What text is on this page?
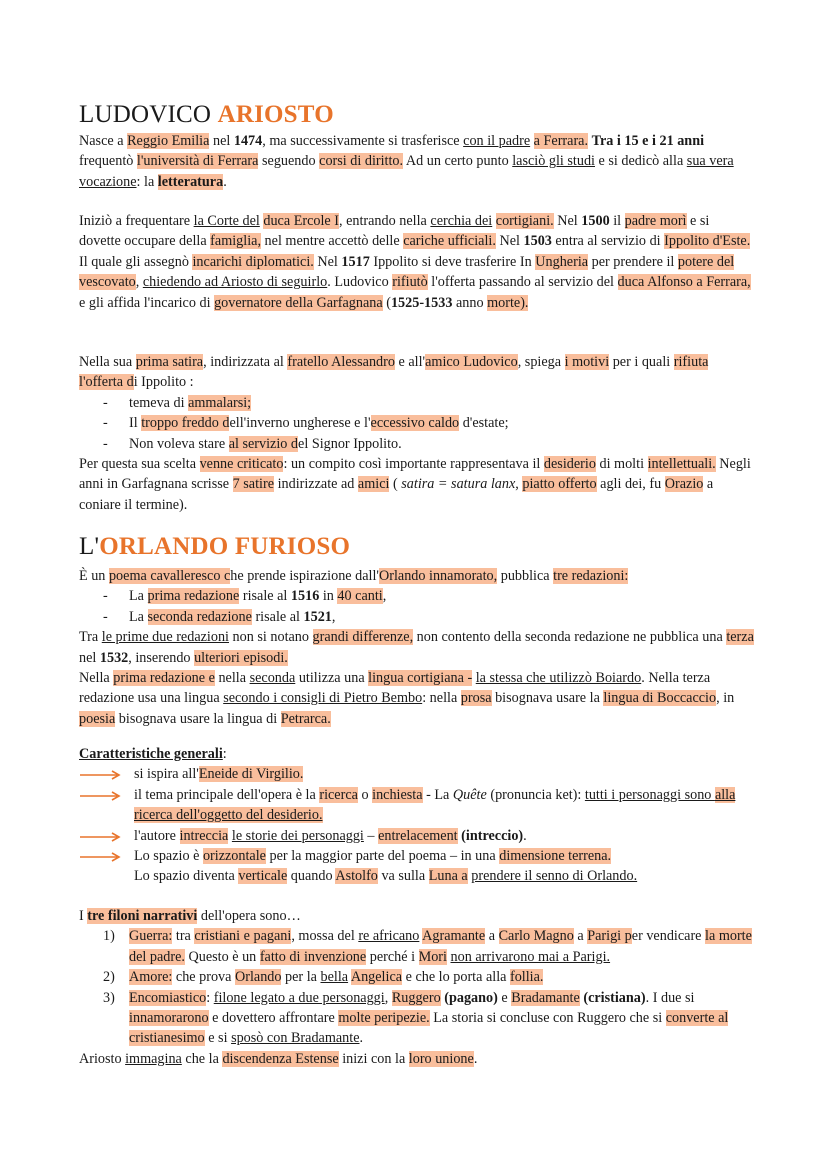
LUDOVICO ARIOSTO
Nasce a Reggio Emilia nel 1474, ma successivamente si trasferisce con il padre a Ferrara. Tra i 15 e i 21 anni frequentò l'università di Ferrara seguendo corsi di diritto. Ad un certo punto lasciò gli studi e si dedicò alla sua vera vocazione: la letteratura.
Iniziò a frequentare la Corte del duca Ercole I, entrando nella cerchia dei cortigiani. Nel 1500 il padre morì e si dovette occupare della famiglia, nel mentre accettò delle cariche ufficiali. Nel 1503 entra al servizio di Ippolito d'Este. Il quale gli assegnò incarichi diplomatici. Nel 1517 Ippolito si deve trasferire In Ungheria per prendere il potere del vescovato, chiedendo ad Ariosto di seguirlo. Ludovico rifiutò l'offerta passando al servizio del duca Alfonso a Ferrara, e gli affida l'incarico di governatore della Garfagnana (1525-1533 anno morte).

Nella sua prima satira, indirizzata al fratello Alessandro e all'amico Ludovico, spiega i motivi per i quali rifiuta l'offerta di Ippolito :

-	temeva di ammalarsi;
-	Il troppo freddo dell'inverno ungherese e l'eccessivo caldo d'estate;
-	Non voleva stare al servizio del Signor Ippolito.

Per questa sua scelta venne criticato: un compito così importante rappresentava il desiderio di molti intellettuali. Negli anni in Garfagnana scrisse 7 satire indirizzate ad amici ( satira = satura lanx, piatto offerto agli dei, fu Orazio a coniare il termine).

L'ORLANDO FURIOSO

È un poema cavalleresco che prende ispirazione dall'Orlando innamorato, pubblica tre redazioni:

-	La prima redazione risale al 1516 in 40 canti,
-	La seconda redazione risale al 1521,

Tra le prime due redazioni non si notano grandi differenze, non contento della seconda redazione ne pubblica una terza nel 1532, inserendo ulteriori episodi.

Nella prima redazione e nella seconda utilizza una lingua cortigiana - la stessa che utilizzò Boiardo. Nella terza redazione usa una lingua secondo i consigli di Pietro Bembo: nella prosa bisognava usare la lingua di Boccaccio, in poesia bisognava usare la lingua di Petrarca.

Caratteristiche generali:

si ispira all'Eneide di Virgilio.
il tema principale dell'opera è la ricerca o inchiesta - La Quête (pronuncia ket): tutti i personaggi sono alla ricerca dell'oggetto del desiderio.
l'autore intreccia le storie dei personaggi – entrelacement (intreccio).
Lo spazio è orizzontale per la maggior parte del poema – in una dimensione terrena.
Lo spazio diventa verticale quando Astolfo va sulla Luna a prendere il senno di Orlando.

I tre filoni narrativi dell'opera sono…

1) Guerra: tra cristiani e pagani, mossa del re africano Agramante a Carlo Magno a Parigi per vendicare la morte del padre. Questo è un fatto di invenzione perché i Mori non arrivarono mai a Parigi.
2) Amore: che prova Orlando per la bella Angelica e che lo porta alla follia.
3) Encomiastico: filone legato a due personaggi, Ruggero (pagano) e Bradamante (cristiana). I due si innamorarono e dovettero affrontare molte peripezie. La storia si concluse con Ruggero che si converte al cristianesimo e si sposò con Bradamante.

Ariosto immagina che la discendenza Estense inizi con la loro unione.
